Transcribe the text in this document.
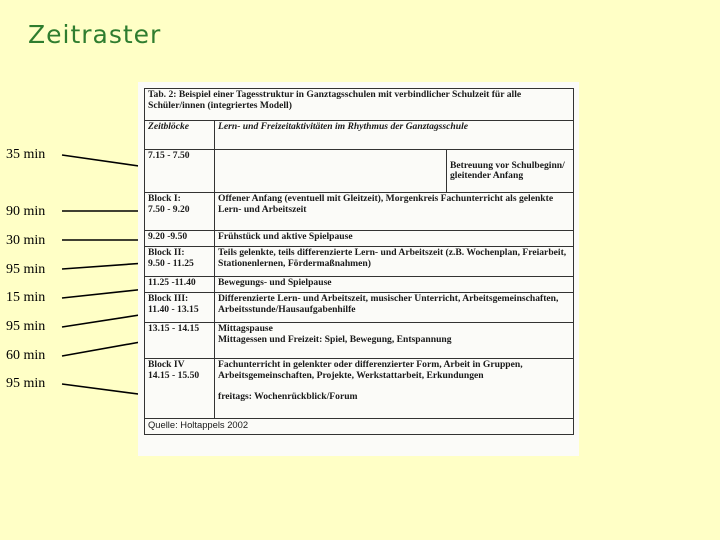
Zeitraster
35 min
90 min
30 min
95 min
15 min
95 min
60 min
95 min
Tab. 2: Beispiel einer Tagesstruktur in Ganztagsschulen mit verbindlicher Schulzeit für alle Schüler/innen (integriertes Modell)		
Zeitblöcke	Lern- und Freizeitaktivitäten im Rhythmus der Ganztagsschule	
7.15 - 7.50		Betreuung vor Schulbeginn/ gleitender Anfang
Block I:
7.50 - 9.20	Offener Anfang (eventuell mit Gleitzeit), Morgenkreis Fachunterricht als gelenkte Lern- und Arbeitszeit	
9.20 -9.50	Frühstück und aktive Spielpause	
Block II:
9.50 - 11.25	Teils gelenkte, teils differenzierte Lern- und Arbeitszeit (z.B. Wochenplan, Freiarbeit, Stationenlernen, Fördermaßnahmen)	
11.25 -11.40	Bewegungs- und Spielpause	
Block III:
11.40 - 13.15	Differenzierte Lern- und Arbeitszeit, musischer Unterricht, Arbeitsgemeinschaften, Arbeitsstunde/Hausaufgabenhilfe	
13.15 - 14.15	Mittagspause
Mittagessen und Freizeit: Spiel, Bewegung, Entspannung	
Block IV
14.15 - 15.50	Fachunterricht in gelenkter oder differenzierter Form, Arbeit in Gruppen, Arbeitsgemeinschaften, Projekte, Werkstattarbeit, Erkundungen

freitags: Wochenrückblick/Forum	
Quelle: Holtappels 2002		
